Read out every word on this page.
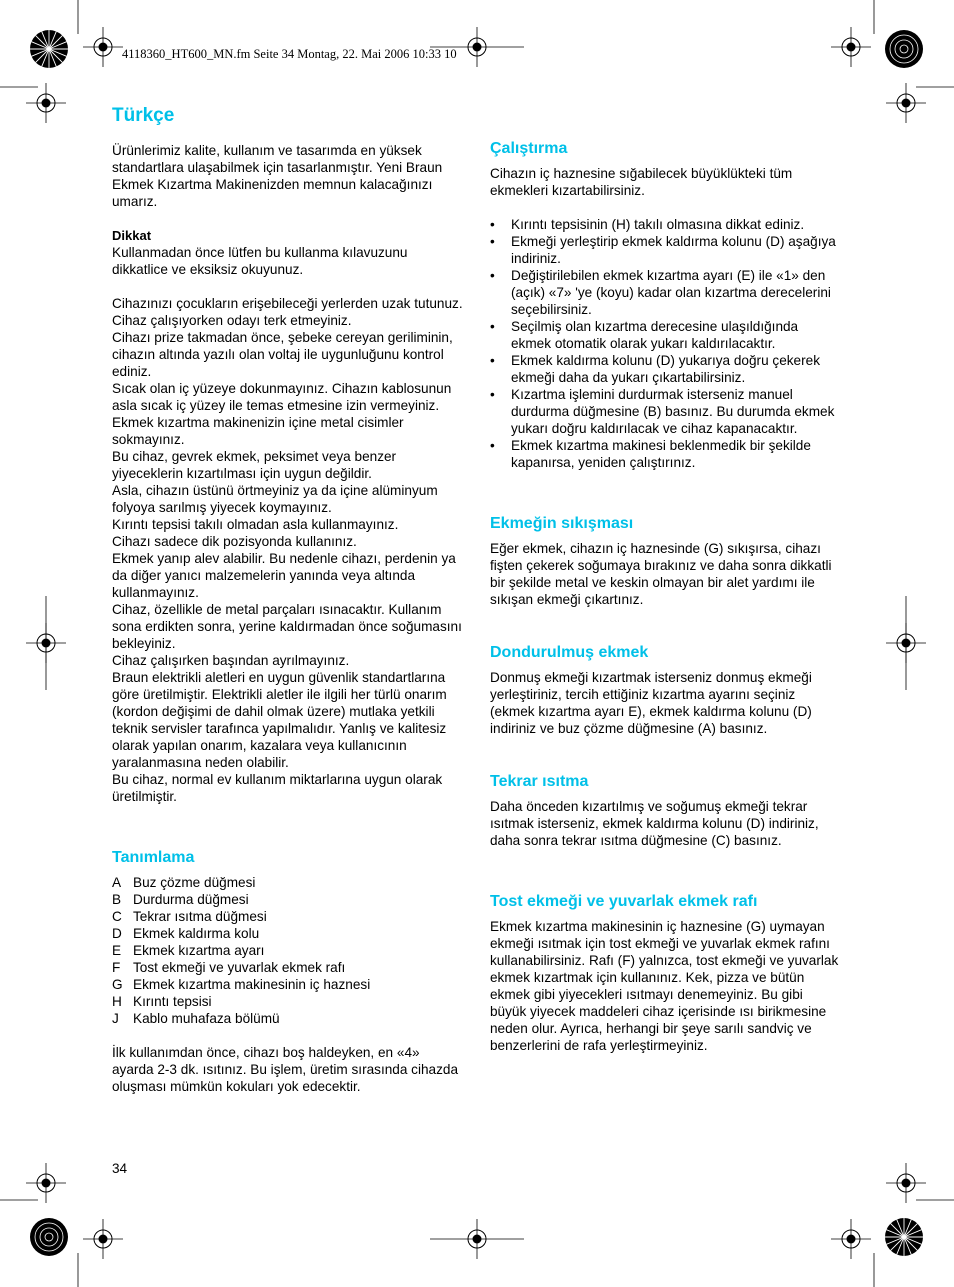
4118360_HT600_MN.fm Seite 34 Montag, 22. Mai 2006 10:33 10
Türkçe

Ürünlerimiz kalite, kullanım ve tasarımda en yüksek standartlara ulaşabilmek için tasarlanmıştır. Yeni Braun Ekmek Kızartma Makinenizden memnun kalacağınızı umarız.

Dikkat

Kullanmadan önce lütfen bu kullanma kılavuzunu dikkatlice ve eksiksiz okuyunuz.

Cihazınızı çocukların erişebileceği yerlerden uzak tutunuz.

Cihaz çalışıyorken odayı terk etmeyiniz.

Cihazı prize takmadan önce, şebeke cereyan geriliminin, cihazın altında yazılı olan voltaj ile uygunluğunu kontrol ediniz.

Sıcak olan iç yüzeye dokunmayınız. Cihazın kablosunun asla sıcak iç yüzey ile temas etmesine izin vermeyiniz.

Ekmek kızartma makinenizin içine metal cisimler sokmayınız.

Bu cihaz, gevrek ekmek, peksimet veya benzer yiyeceklerin kızartılması için uygun değildir.

Asla, cihazın üstünü örtmeyiniz ya da içine alüminyum folyoya sarılmış yiyecek koymayınız.

Kırıntı tepsisi takılı olmadan asla kullanmayınız.

Cihazı sadece dik pozisyonda kullanınız.

Ekmek yanıp alev alabilir. Bu nedenle cihazı, perdenin ya da diğer yanıcı malzemelerin yanında veya altında kullanmayınız.

Cihaz, özellikle de metal parçaları ısınacaktır. Kullanım sona erdikten sonra, yerine kaldırmadan önce soğumasını bekleyiniz.

Cihaz çalışırken başından ayrılmayınız.

Braun elektrikli aletleri en uygun güvenlik standartlarına göre üretilmiştir. Elektrikli aletler ile ilgili her türlü onarım (kordon değişimi de dahil olmak üzere) mutlaka yetkili teknik servisler tarafınca yapılmalıdır. Yanlış ve kalitesiz olarak yapılan onarım, kazalara veya kullanıcının yaralanmasına neden olabilir.

Bu cihaz, normal ev kullanım miktarlarına uygun olarak üretilmiştir.

Tanımlama
A Buz çözme düğmesi
B Durdurma düğmesi
C Tekrar ısıtma düğmesi
D Ekmek kaldırma kolu
E Ekmek kızartma ayarı
F Tost ekmeği ve yuvarlak ekmek rafı
G Ekmek kızartma makinesinin iç haznesi
H Kırıntı tepsisi
J	Kablo muhafaza bölümü

İlk kullanımdan önce, cihazı boş haldeyken, en «4» ayarda 2-3 dk. ısıtınız. Bu işlem, üretim sırasında cihazda oluşması mümkün kokuları yok edecektir.

Çalıştırma

Cihazın iç haznesine sığabilecek büyüklükteki tüm ekmekleri kızartabilirsiniz.

• Kırıntı tepsisinin (H) takılı olmasına dikkat ediniz.
• Ekmeği yerleştirip ekmek kaldırma kolunu (D) aşağıya indiriniz.
• Değiştirilebilen ekmek kızartma ayarı (E) ile «1» den (açık) «7» 'ye (koyu) kadar olan kızartma derecelerini seçebilirsiniz.
• Seçilmiş olan kızartma derecesine ulaşıldığında ekmek otomatik olarak yukarı kaldırılacaktır.
• Ekmek kaldırma kolunu (D) yukarıya doğru çekerek ekmeği daha da yukarı çıkartabilirsiniz.
• Kızartma işlemini durdurmak isterseniz manuel durdurma düğmesine (B) basınız. Bu durumda ekmek yukarı doğru kaldırılacak ve cihaz kapanacaktır.
• Ekmek kızartma makinesi beklenmedik bir şekilde kapanırsa, yeniden çalıştırınız.
Ekmeğin sıkışması

Eğer ekmek, cihazın iç haznesinde (G) sıkışırsa, cihazı fişten çekerek soğumaya bırakınız ve daha sonra dikkatli bir şekilde metal ve keskin olmayan bir alet yardımı ile sıkışan ekmeği çıkartınız.

Dondurulmuş ekmek

Donmuş ekmeği kızartmak isterseniz donmuş ekmeği yerleştiriniz, tercih ettiğiniz kızartma ayarını seçiniz (ekmek kızartma ayarı E), ekmek kaldırma kolunu (D) indiriniz ve buz çözme düğmesine (A) basınız.

Tekrar ısıtma

Daha önceden kızartılmış ve soğumuş ekmeği tekrar ısıtmak isterseniz, ekmek kaldırma kolunu (D) indiriniz, daha sonra tekrar ısıtma düğmesine (C) basınız.

Tost ekmeği ve yuvarlak ekmek rafı

Ekmek kızartma makinesinin iç haznesine (G) uymayan ekmeği ısıtmak için tost ekmeği ve yuvarlak ekmek rafını kullanabilirsiniz. Rafı (F) yalnızca, tost ekmeği ve yuvarlak ekmek kızartmak için kullanınız. Kek, pizza ve bütün ekmek gibi yiyecekleri ısıtmayı denemeyiniz. Bu gibi büyük yiyecek maddeleri cihaz içerisinde ısı birikmesine neden olur. Ayrıca, herhangi bir şeye sarılı sandviç ve benzerlerini de rafa yerleştirmeyiniz.

34
